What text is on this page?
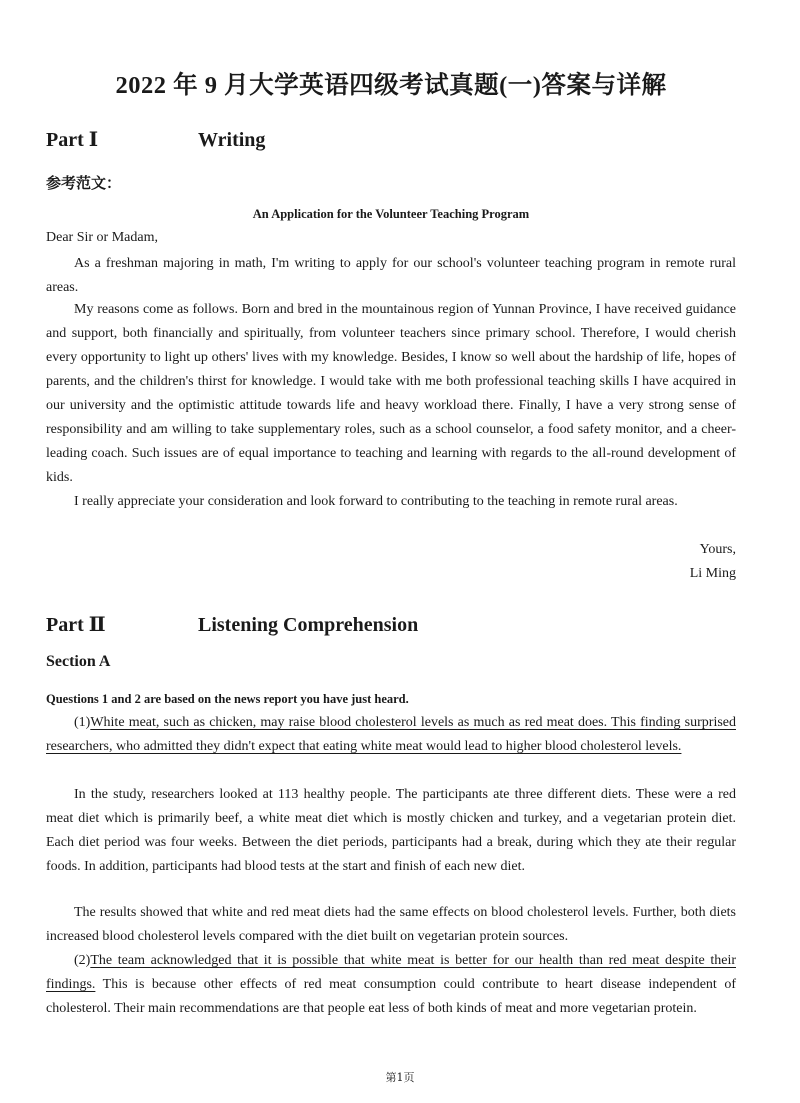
2022 年 9 月大学英语四级考试真题(一)答案与详解
Part Ⅰ	Writing
参考范文：
An Application for the Volunteer Teaching Program

Dear Sir or Madam,

As a freshman majoring in math, I'm writing to apply for our school's volunteer teaching program in remote rural areas.

My reasons come as follows. Born and bred in the mountainous region of Yunnan Province, I have received guidance and support, both financially and spiritually, from volunteer teachers since primary school. Therefore, I would cherish every opportunity to light up others' lives with my knowledge. Besides, I know so well about the hardship of life, hopes of parents, and the children's thirst for knowledge. I would take with me both professional teaching skills I have acquired in our university and the optimistic attitude towards life and heavy workload there. Finally, I have a very strong sense of responsibility and am willing to take supplementary roles, such as a school counselor, a food safety monitor, and a cheer-leading coach. Such issues are of equal importance to teaching and learning with regards to the all-round development of kids.

I really appreciate your consideration and look forward to contributing to the teaching in remote rural areas.

Yours,

Li Ming

Part Ⅱ	Listening Comprehension
Section A
Questions 1 and 2 are based on the news report you have just heard.

(1)White meat, such as chicken, may raise blood cholesterol levels as much as red meat does. This finding surprised researchers, who admitted they didn't expect that eating white meat would lead to higher blood cholesterol levels.

In the study, researchers looked at 113 healthy people. The participants ate three different diets. These were a red meat diet which is primarily beef, a white meat diet which is mostly chicken and turkey, and a vegetarian protein diet. Each diet period was four weeks. Between the diet periods, participants had a break, during which they ate their regular foods. In addition, participants had blood tests at the start and finish of each new diet.

The results showed that white and red meat diets had the same effects on blood cholesterol levels. Further, both diets increased blood cholesterol levels compared with the diet built on vegetarian protein sources.

(2)The team acknowledged that it is possible that white meat is better for our health than red meat despite their findings. This is because other effects of red meat consumption could contribute to heart disease independent of cholesterol. Their main recommendations are that people eat less of both kinds of meat and more vegetarian protein.

第1页
